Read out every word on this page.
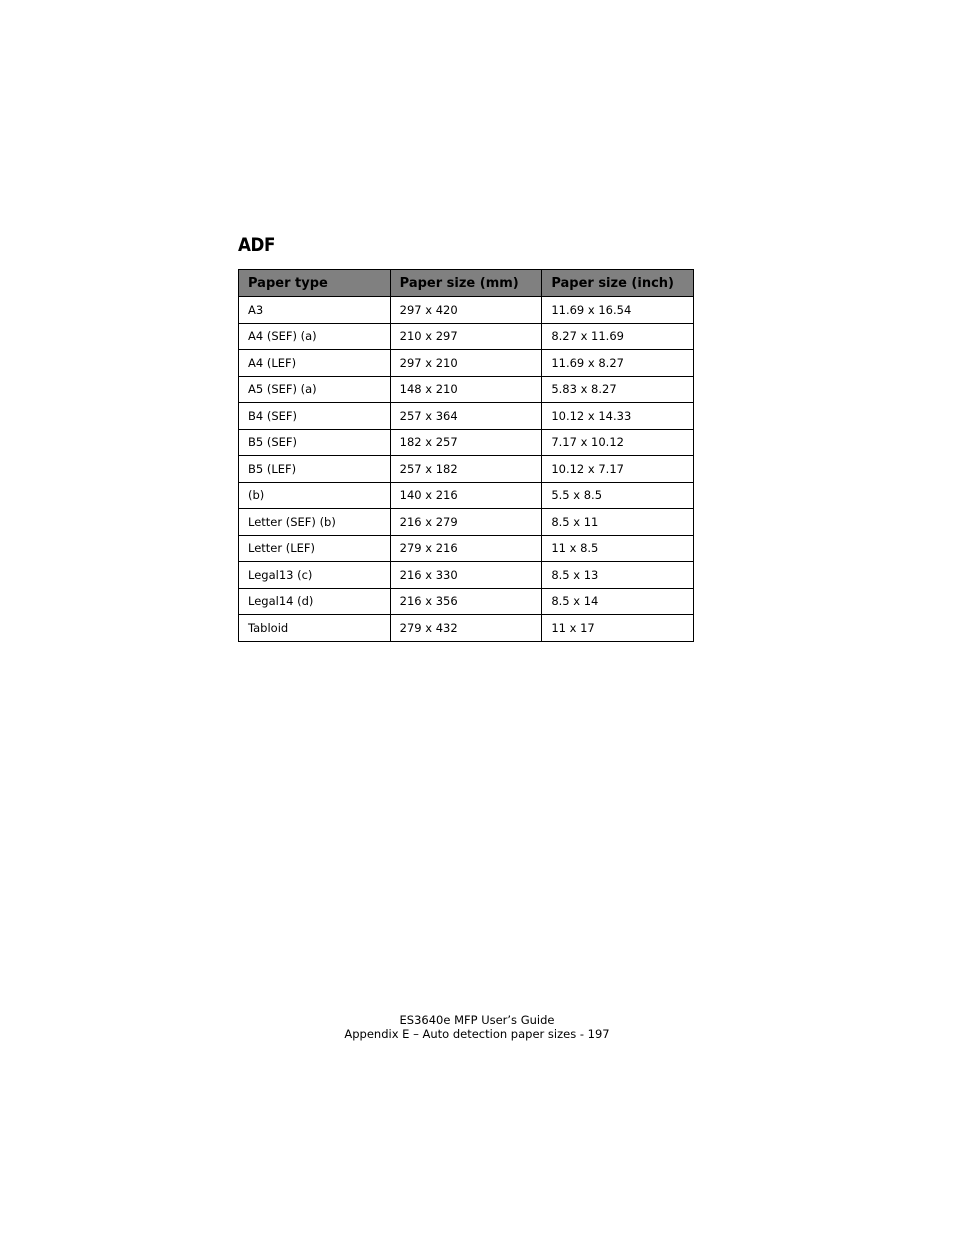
ADF
Paper type	Paper size (mm)	Paper size (inch)
A3	297 x 420	11.69 x 16.54
A4 (SEF) (a)	210 x 297	8.27 x 11.69
A4 (LEF)	297 x 210	11.69 x 8.27
A5 (SEF) (a)	148 x 210	5.83 x 8.27
B4 (SEF)	257 x 364	10.12 x 14.33
B5 (SEF)	182 x 257	7.17 x 10.12
B5 (LEF)	257 x 182	10.12 x 7.17
(b)	140 x 216	5.5 x 8.5
Letter (SEF) (b)	216 x 279	8.5 x 11
Letter (LEF)	279 x 216	11 x 8.5
Legal13 (c)	216 x 330	8.5 x 13
Legal14 (d)	216 x 356	8.5 x 14
Tabloid	279 x 432	11 x 17
ES3640e MFP User’s Guide
Appendix E – Auto detection paper sizes - 197
